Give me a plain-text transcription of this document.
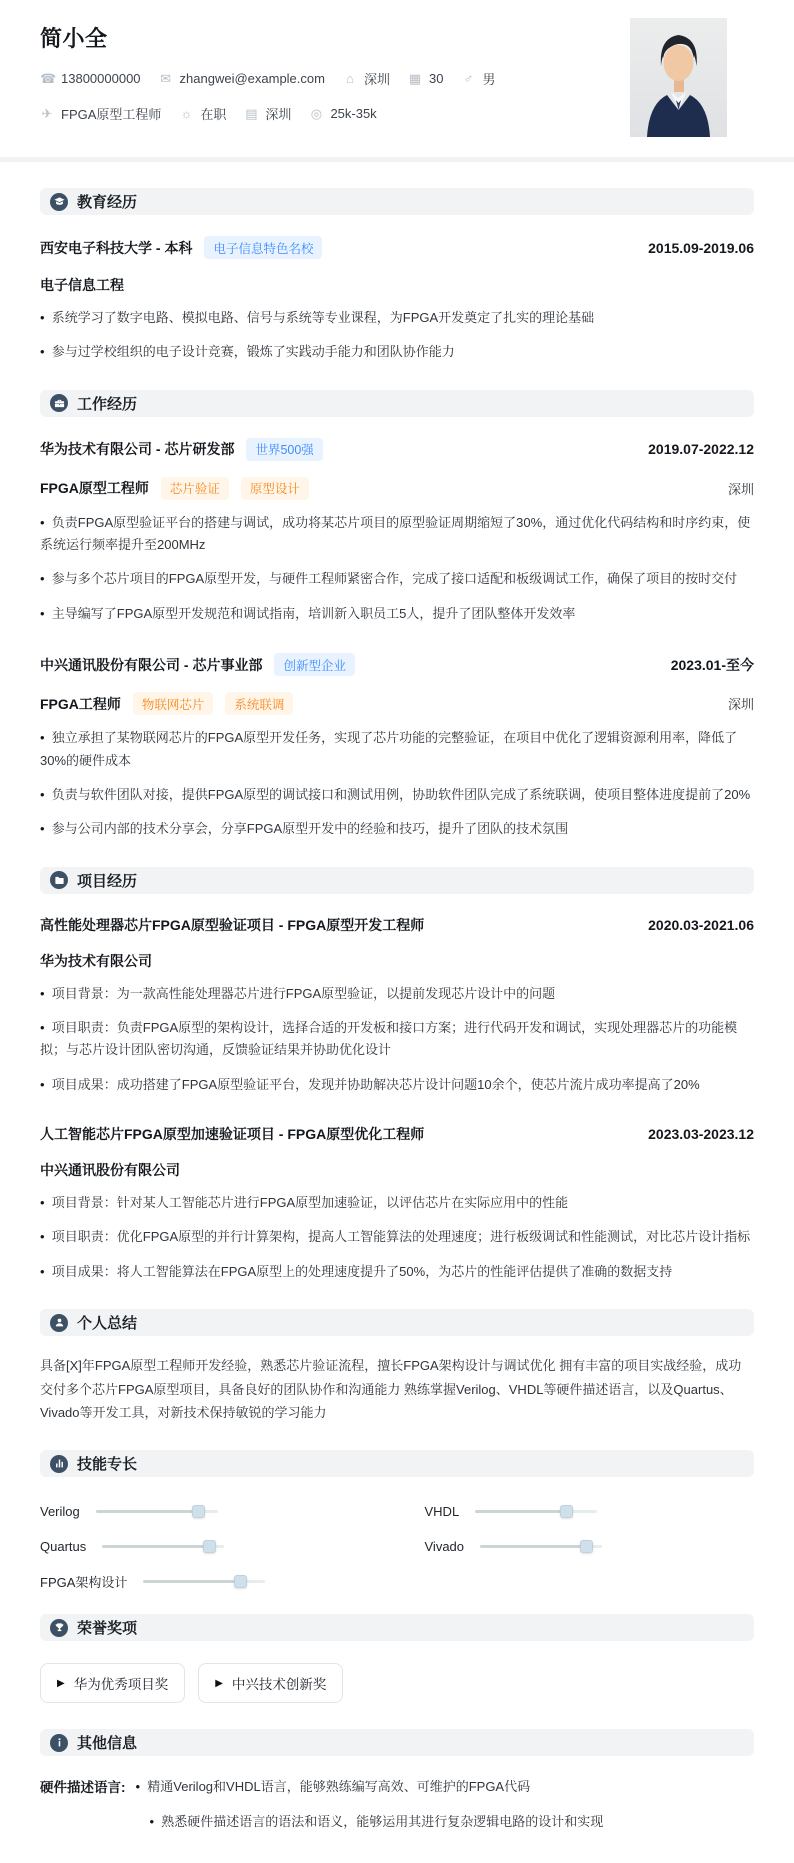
简小全
☎ 13800000000 ✉ zhangwei@example.com ⌂ 深圳 ▦ 30 ♂ 男
✈ FPGA原型工程师 ☼ 在职 ▤ 深圳 ◎ 25k-35k
教育经历
西安电子科技大学 - 本科	电子信息特色名校	2015.09-2019.06
电子信息工程
•  系统学习了数字电路、模拟电路、信号与系统等专业课程，为FPGA开发奠定了扎实的理论基础
•  参与过学校组织的电子设计竞赛，锻炼了实践动手能力和团队协作能力
工作经历
华为技术有限公司 - 芯片研发部	世界500强	2019.07-2022.12
FPGA原型工程师	芯片验证	原型设计	深圳
•  负责FPGA原型验证平台的搭建与调试，成功将某芯片项目的原型验证周期缩短了30%，通过优化代码结构和时序约束，使系统运行频率提升至200MHz
•  参与多个芯片项目的FPGA原型开发，与硬件工程师紧密合作，完成了接口适配和板级调试工作，确保了项目的按时交付
•  主导编写了FPGA原型开发规范和调试指南，培训新入职员工5人，提升了团队整体开发效率
中兴通讯股份有限公司 - 芯片事业部	创新型企业	2023.01-至今
FPGA工程师	物联网芯片	系统联调	深圳
•  独立承担了某物联网芯片的FPGA原型开发任务，实现了芯片功能的完整验证，在项目中优化了逻辑资源利用率，降低了30%的硬件成本
•  负责与软件团队对接，提供FPGA原型的调试接口和测试用例，协助软件团队完成了系统联调，使项目整体进度提前了20%
•  参与公司内部的技术分享会，分享FPGA原型开发中的经验和技巧，提升了团队的技术氛围
项目经历
高性能处理器芯片FPGA原型验证项目 - FPGA原型开发工程师	2020.03-2021.06
华为技术有限公司
•  项目背景：为一款高性能处理器芯片进行FPGA原型验证，以提前发现芯片设计中的问题
•  项目职责：负责FPGA原型的架构设计，选择合适的开发板和接口方案；进行代码开发和调试，实现处理器芯片的功能模拟；与芯片设计团队密切沟通，反馈验证结果并协助优化设计
•  项目成果：成功搭建了FPGA原型验证平台，发现并协助解决芯片设计问题10余个，使芯片流片成功率提高了20%
人工智能芯片FPGA原型加速验证项目 - FPGA原型优化工程师	2023.03-2023.12
中兴通讯股份有限公司
•  项目背景：针对某人工智能芯片进行FPGA原型加速验证，以评估芯片在实际应用中的性能
•  项目职责：优化FPGA原型的并行计算架构，提高人工智能算法的处理速度；进行板级调试和性能测试，对比芯片设计指标
•  项目成果：将人工智能算法在FPGA原型上的处理速度提升了50%，为芯片的性能评估提供了准确的数据支持
个人总结
具备[X]年FPGA原型工程师开发经验，熟悉芯片验证流程，擅长FPGA架构设计与调试优化 拥有丰富的项目实战经验，成功交付多个芯片FPGA原型项目，具备良好的团队协作和沟通能力 熟练掌握Verilog、VHDL等硬件描述语言，以及Quartus、Vivado等开发工具，对新技术保持敏锐的学习能力
技能专长
Verilog	VHDL
Quartus	Vivado
FPGA架构设计
荣誉奖项
▶ 华为优秀项目奖	▶ 中兴技术创新奖
其他信息
硬件描述语言:	•  精通Verilog和VHDL语言，能够熟练编写高效、可维护的FPGA代码
•  熟悉硬件描述语言的语法和语义，能够运用其进行复杂逻辑电路的设计和实现
